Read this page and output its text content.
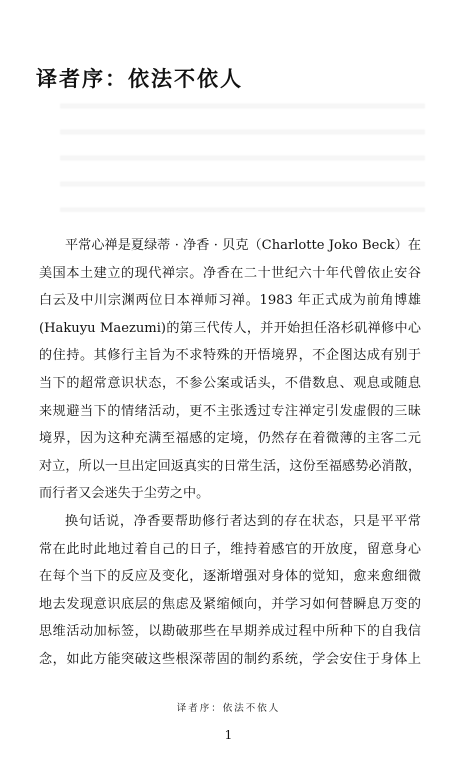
译者序：依法不依人

平常心禅是夏绿蒂 · 净香 · 贝克（Charlotte Joko Beck）在
美国本土建立的现代禅宗。净香在二十世纪六十年代曾依止安谷
白云及中川宗渊两位日本禅师习禅。1983 年正式成为前角博雄
(Hakuyu Maezumi)的第三代传人，并开始担任洛杉矶禅修中心
的住持。其修行主旨为不求特殊的开悟境界，不企图达成有别于
当下的超常意识状态，不参公案或话头，不借数息、观息或随息
来规避当下的情绪活动，更不主张透过专注禅定引发虚假的三昧
境界，因为这种充满至福感的定境，仍然存在着微薄的主客二元
对立，所以一旦出定回返真实的日常生活，这份至福感势必消散，
而行者又会迷失于尘劳之中。

换句话说，净香要帮助修行者达到的存在状态，只是平平常
常在此时此地过着自己的日子，维持着感官的开放度，留意身心
在每个当下的反应及变化，逐渐增强对身体的觉知，愈来愈细微
地去发现意识底层的焦虑及紧缩倾向，并学习如何替瞬息万变的
思维活动加标签，以勘破那些在早期养成过程中所种下的自我信
念，如此方能突破这些根深蒂固的制约系统，学会安住于身体上

译者序：依法不依人
1
